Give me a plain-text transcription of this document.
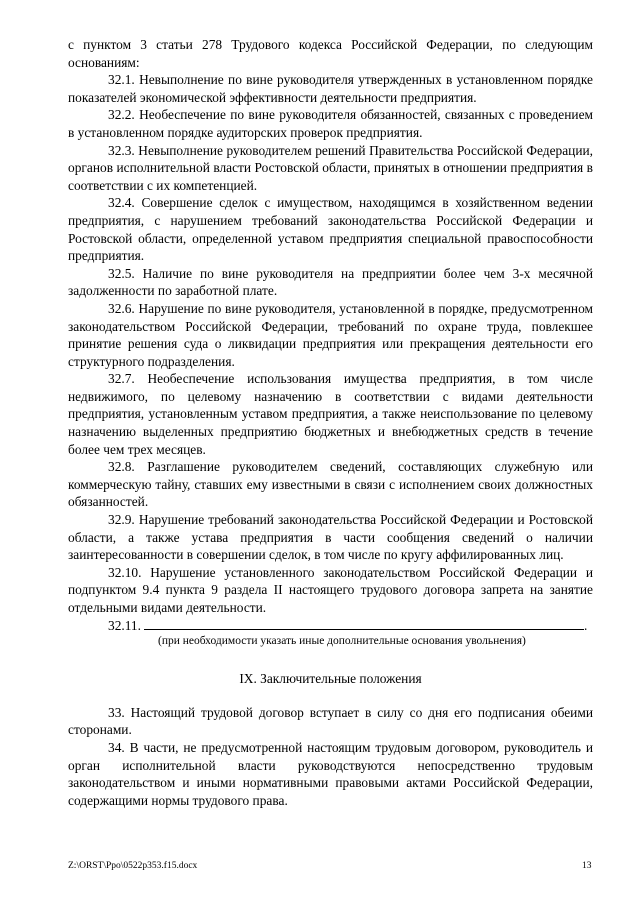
с пунктом 3 статьи 278 Трудового кодекса Российской Федерации, по следующим основаниям:

32.1. Невыполнение по вине руководителя утвержденных в установленном порядке показателей экономической эффективности деятельности предприятия.

32.2. Необеспечение по вине руководителя обязанностей, связанных с проведением в установленном порядке аудиторских проверок предприятия.

32.3. Невыполнение руководителем решений Правительства Российской Федерации, органов исполнительной власти Ростовской области, принятых в отношении предприятия в соответствии с их компетенцией.

32.4. Совершение сделок с имуществом, находящимся в хозяйственном ведении предприятия, с нарушением требований законодательства Российской Федерации и Ростовской области, определенной уставом предприятия специальной правоспособности предприятия.

32.5. Наличие по вине руководителя на предприятии более чем 3-х месячной задолженности по заработной плате.

32.6. Нарушение по вине руководителя, установленной в порядке, предусмотренном законодательством Российской Федерации, требований по охране труда, повлекшее принятие решения суда о ликвидации предприятия или прекращения деятельности его структурного подразделения.

32.7. Необеспечение использования имущества предприятия, в том числе недвижимого, по целевому назначению в соответствии с видами деятельности предприятия, установленным уставом предприятия, а также неиспользование по целевому назначению выделенных предприятию бюджетных и внебюджетных средств в течение более чем трех месяцев.

32.8. Разглашение руководителем сведений, составляющих служебную или коммерческую тайну, ставших ему известными в связи с исполнением своих должностных обязанностей.

32.9. Нарушение требований законодательства Российской Федерации и Ростовской области, а также устава предприятия в части сообщения сведений о наличии заинтересованности в совершении сделок, в том числе по кругу аффилированных лиц.

32.10. Нарушение установленного законодательством Российской Федерации и подпунктом 9.4 пункта 9 раздела II настоящего трудового договора запрета на занятие отдельными видами деятельности.

32.11.	.

(при необходимости указать иные дополнительные основания увольнения)

IX. Заключительные положения

33. Настоящий трудовой договор вступает в силу со дня его подписания обеими сторонами.

34. В части, не предусмотренной настоящим трудовым договором, руководитель и орган исполнительной власти руководствуются непосредственно трудовым законодательством и иными нормативными правовыми актами Российской Федерации, содержащими нормы трудового права.

Z:\ORST\Ppo\0522p353.f15.docx	13
